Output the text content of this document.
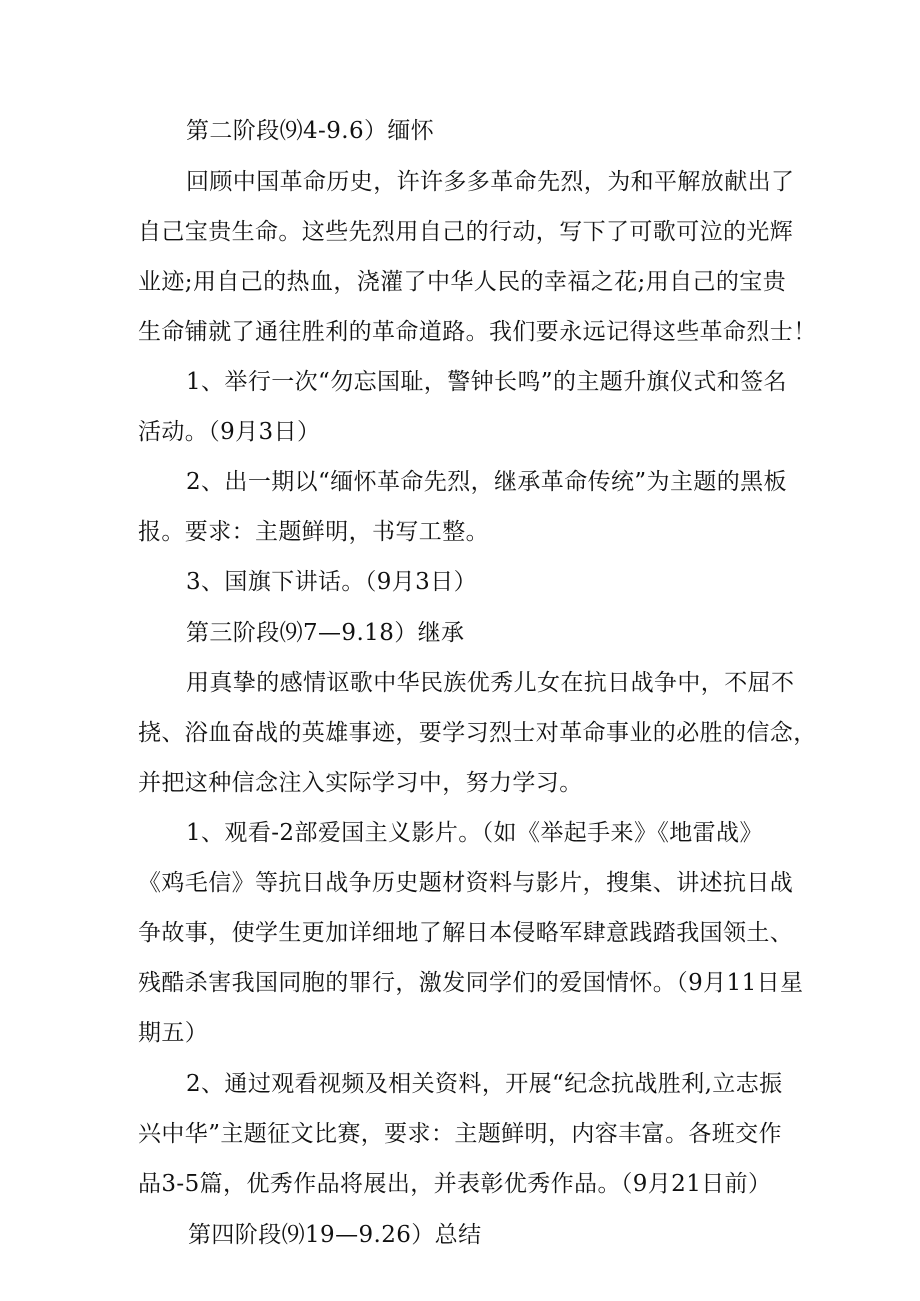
第二阶段⑼4-9.6）缅怀
回顾中国革命历史，许许多多革命先烈，为和平解放献出了
自己宝贵生命。这些先烈用自己的行动，写下了可歌可泣的光辉
业迹;用自己的热血，浇灌了中华人民的幸福之花;用自己的宝贵
生命铺就了通往胜利的革命道路。我们要永远记得这些革命烈士！
1、举行一次“勿忘国耻，警钟长鸣”的主题升旗仪式和签名
活动。（9月3日）
2、出一期以“缅怀革命先烈，继承革命传统”为主题的黑板
报。要求：主题鲜明，书写工整。
3、国旗下讲话。（9月3日）
第三阶段⑼7—9.18）继承
用真挚的感情讴歌中华民族优秀儿女在抗日战争中，不屈不
挠、浴血奋战的英雄事迹，要学习烈士对革命事业的必胜的信念，
并把这种信念注入实际学习中，努力学习。
1、观看-2部爱国主义影片。（如《举起手来》《地雷战》
《鸡毛信》等抗日战争历史题材资料与影片，搜集、讲述抗日战
争故事，使学生更加详细地了解日本侵略军肆意践踏我国领土、
残酷杀害我国同胞的罪行，激发同学们的爱国情怀。（9月11日星
期五）
2、通过观看视频及相关资料，开展“纪念抗战胜利,立志振
兴中华”主题征文比赛，要求：主题鲜明，内容丰富。各班交作
品3-5篇，优秀作品将展出，并表彰优秀作品。（9月21日前）
第四阶段⑼19—9.26）总结
